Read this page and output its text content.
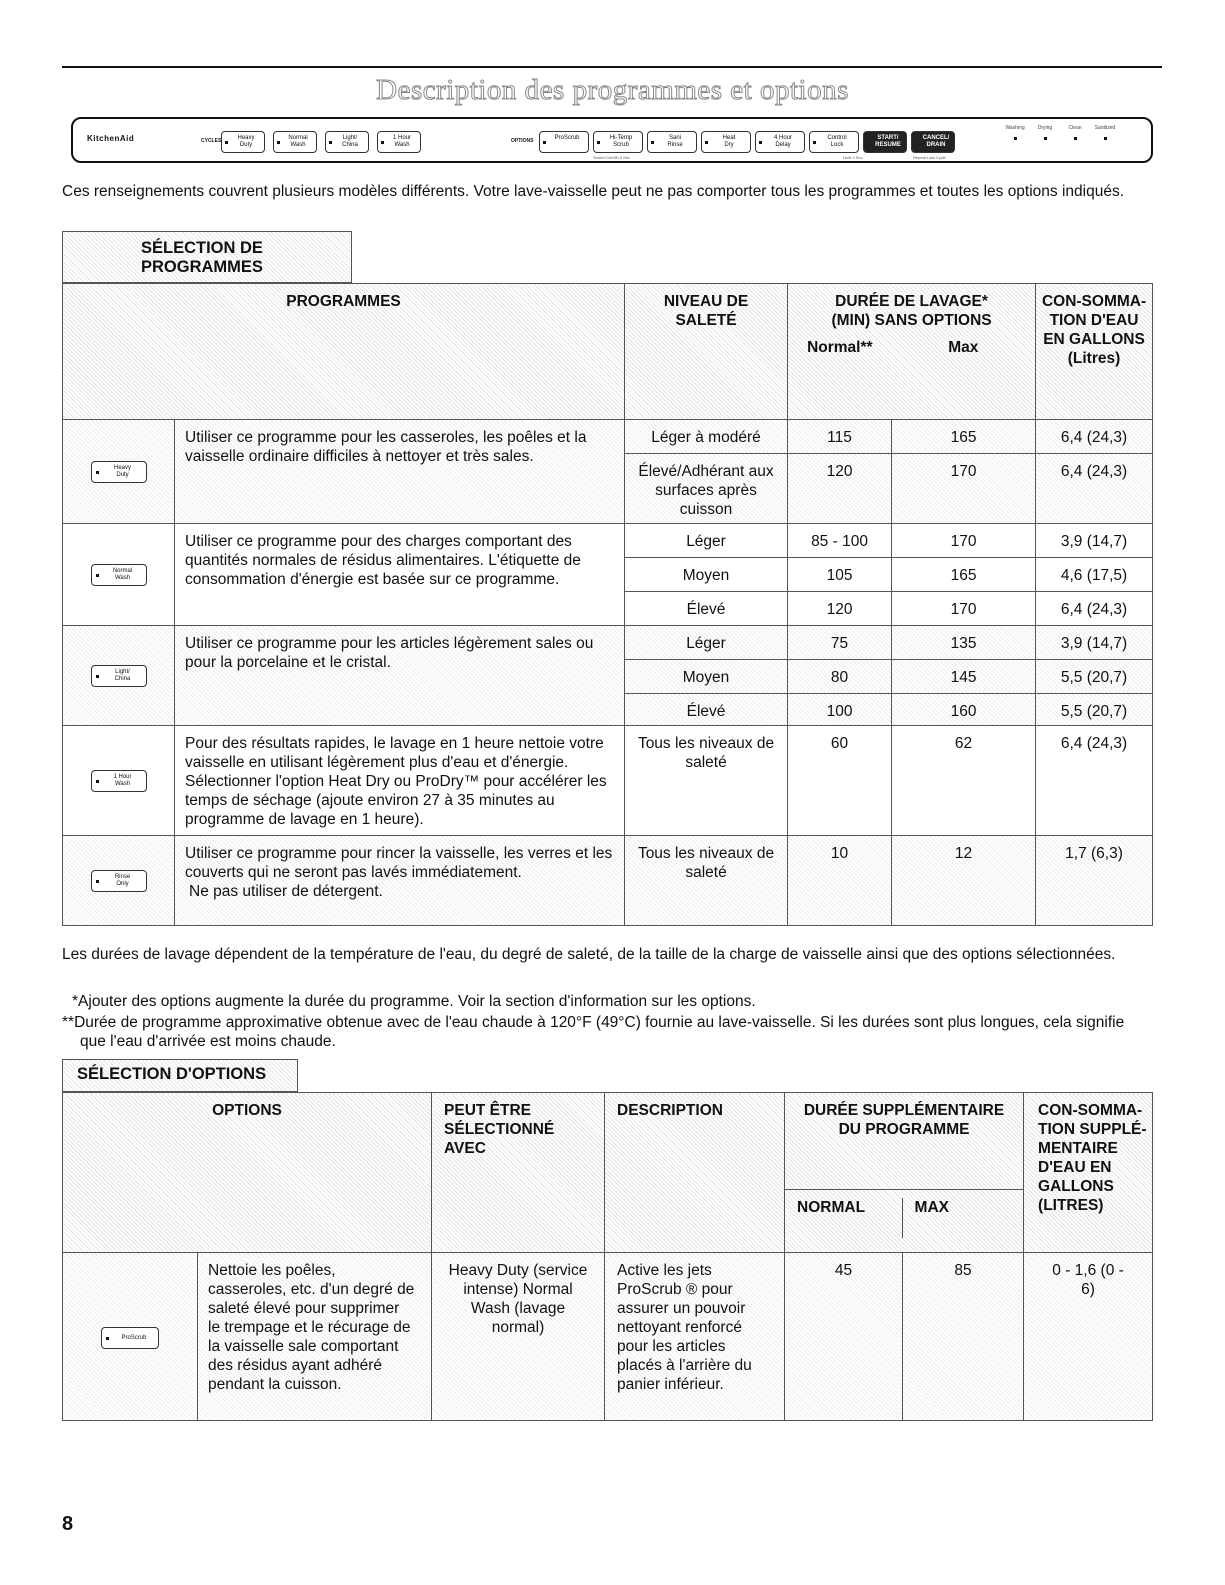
Description des programmes et options
KitchenAid	CYCLES	Heavy
Duty
Normal
Wash
Light/
China
1 Hour
Wash
ProScrub	Hi-Temp
Scrub
Sani
Rinse
Heat
Dry
4 Hour
Delay
Control
Lock
OPTIONS	START/
RESUME
CANCEL/
DRAIN
Sound On/Off=3 Sec	Hold 3 Sec	Repeat Last Cycle
Washing	Drying	Clean	Sanitized
Ces renseignements couvrent plusieurs modèles différents. Votre lave-vaisselle peut ne pas comporter tous les programmes et toutes les options indiqués.
SÉLECTION DE
PROGRAMMES
PROGRAMMES		NIVEAU DE SALETÉ	DURÉE DE LAVAGE* (MIN) SANS OPTIONS
Normal** Max		CON-SOMMA-TION D'EAU EN GALLONS (Litres)
Heavy
Duty	Utiliser ce programme pour les casseroles, les poêles et la vaisselle ordinaire difficiles à nettoyer et très sales.	Léger à modéré	115	165	6,4 (24,3)
		Élevé/Adhérant aux surfaces après cuisson	120	170	6,4 (24,3)
Normal
Wash	Utiliser ce programme pour des charges comportant des quantités normales de résidus alimentaires. L'étiquette de consommation d'énergie est basée sur ce programme.	Léger	85 - 100	170	3,9 (14,7)
		Moyen	105	165	4,6 (17,5)
		Élevé	120	170	6,4 (24,3)
Light/
China	Utiliser ce programme pour les articles légèrement sales ou pour la porcelaine et le cristal.	Léger	75	135	3,9 (14,7)
		Moyen	80	145	5,5 (20,7)
		Élevé	100	160	5,5 (20,7)
1 Hour
Wash	Pour des résultats rapides, le lavage en 1 heure nettoie votre vaisselle en utilisant légèrement plus d'eau et d'énergie. Sélectionner l'option Heat Dry ou ProDry™ pour accélérer les temps de séchage (ajoute environ 27 à 35 minutes au programme de lavage en 1 heure).	Tous les niveaux de saleté	60	62	6,4 (24,3)
Rinse
Only	Utiliser ce programme pour rincer la vaisselle, les verres et les couverts qui ne seront pas lavés immédiatement.
Ne pas utiliser de détergent.	Tous les niveaux de saleté	10	12	1,7 (6,3)
Les durées de lavage dépendent de la température de l'eau, du degré de saleté, de la taille de la charge de vaisselle ainsi que des options sélectionnées.
*Ajouter des options augmente la durée du programme. Voir la section d'information sur les options.
**Durée de programme approximative obtenue avec de l'eau chaude à 120°F (49°C) fournie au lave-vaisselle. Si les durées sont plus longues, cela signifie que l'eau d'arrivée est moins chaude.
SÉLECTION D'OPTIONS
OPTIONS		PEUT ÊTRE SÉLECTIONNÉ AVEC	DESCRIPTION	DURÉE SUPPLÉMENTAIRE DU PROGRAMME
NORMAL MAX		CON-SOMMA-TION SUPPLÉ-MENTAIRE D'EAU EN GALLONS (LITRES)
ProScrub	Nettoie les poêles, casseroles, etc. d'un degré de saleté élevé pour supprimer le trempage et le récurage de la vaisselle sale comportant des résidus ayant adhéré pendant la cuisson.	Heavy Duty (service intense) Normal Wash (lavage normal)	Active les jets ProScrub ® pour assurer un pouvoir nettoyant renforcé pour les articles placés à l'arrière du panier inférieur.	45	85	0 - 1,6 (0 - 6)
8
